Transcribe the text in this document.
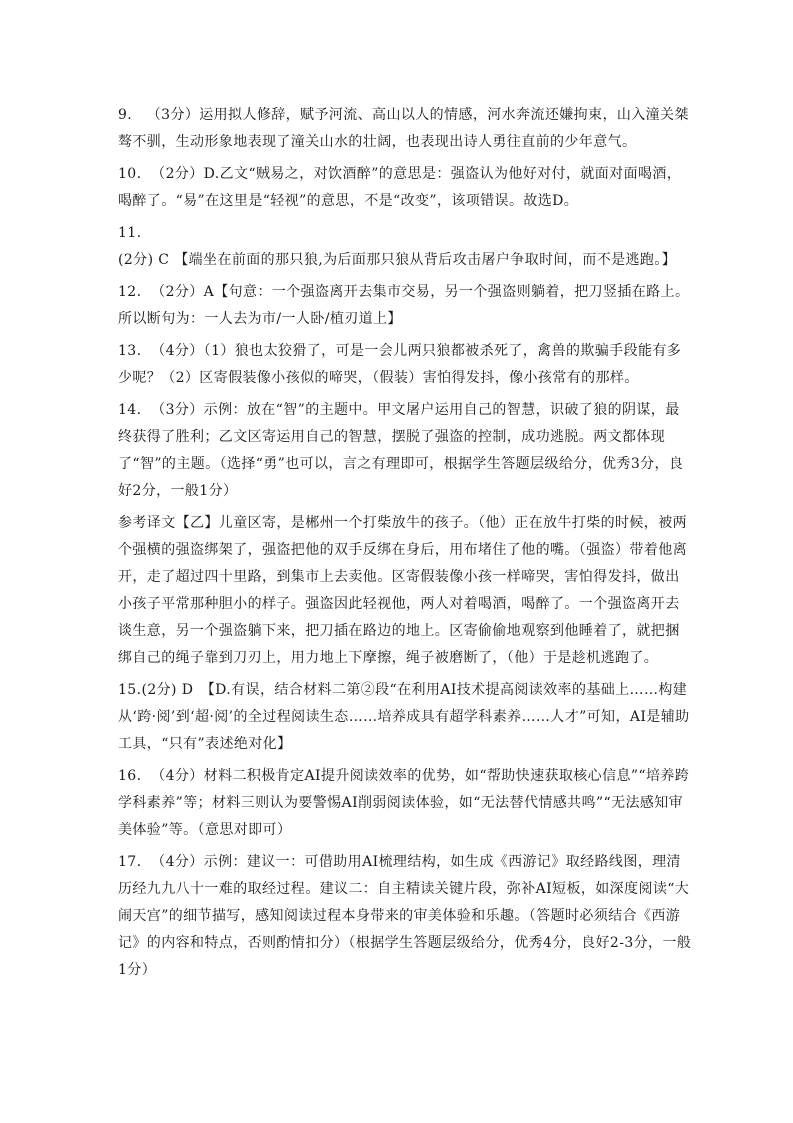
9. （3分）运用拟人修辞，赋予河流、高山以人的情感，河水奔流还嫌拘束，山入潼关桀骜不驯，生动形象地表现了潼关山水的壮阔，也表现出诗人勇往直前的少年意气。

10. （2分）D.乙文“贼易之，对饮酒醉”的意思是：强盗认为他好对付，就面对面喝酒，喝醉了。“易”在这里是“轻视”的意思，不是“改变”，该项错误。故选D。

11.(2分) C 【端坐在前面的那只狼,为后面那只狼从背后攻击屠户争取时间，而不是逃跑。】

12. （2分）A【句意：一个强盗离开去集市交易，另一个强盗则躺着，把刀竖插在路上。所以断句为：一人去为市/一人卧/植刃道上】

13. （4分）（1）狼也太狡猾了，可是一会儿两只狼都被杀死了，禽兽的欺骗手段能有多少呢？（2）区寄假装像小孩似的啼哭，（假装）害怕得发抖，像小孩常有的那样。

14. （3分）示例：放在“智”的主题中。甲文屠户运用自己的智慧，识破了狼的阴谋，最终获得了胜利；乙文区寄运用自己的智慧，摆脱了强盗的控制，成功逃脱。两文都体现了“智”的主题。（选择“勇”也可以，言之有理即可，根据学生答题层级给分，优秀3分，良好2分，一般1分）

参考译文【乙】儿童区寄，是郴州一个打柴放牛的孩子。（他）正在放牛打柴的时候，被两个强横的强盗绑架了，强盗把他的双手反绑在身后，用布堵住了他的嘴。（强盗）带着他离开，走了超过四十里路，到集市上去卖他。区寄假装像小孩一样啼哭，害怕得发抖，做出小孩子平常那种胆小的样子。强盗因此轻视他，两人对着喝酒，喝醉了。一个强盗离开去谈生意，另一个强盗躺下来，把刀插在路边的地上。区寄偷偷地观察到他睡着了，就把捆绑自己的绳子靠到刀刃上，用力地上下摩擦，绳子被磨断了，（他）于是趁机逃跑了。

15.(2分) D　【D.有误，结合材料二第②段“在利用AI技术提高阅读效率的基础上……构建从‘跨·阅’到‘超·阅’的全过程阅读生态……培养成具有超学科素养……人才”可知，AI是辅助工具，“只有”表述绝对化】

16. （4分）材料二积极肯定AI提升阅读效率的优势，如“帮助快速获取核心信息”“培养跨学科素养”等；材料三则认为要警惕AI削弱阅读体验，如“无法替代情感共鸣”“无法感知审美体验”等。（意思对即可）

17. （4分）示例：建议一：可借助用AI梳理结构，如生成《西游记》取经路线图，理清历经九九八十一难的取经过程。建议二：自主精读关键片段，弥补AI短板，如深度阅读“大闹天宫”的细节描写，感知阅读过程本身带来的审美体验和乐趣。（答题时必须结合《西游记》的内容和特点，否则酌情扣分）（根据学生答题层级给分，优秀4分，良好2-3分，一般1分）
